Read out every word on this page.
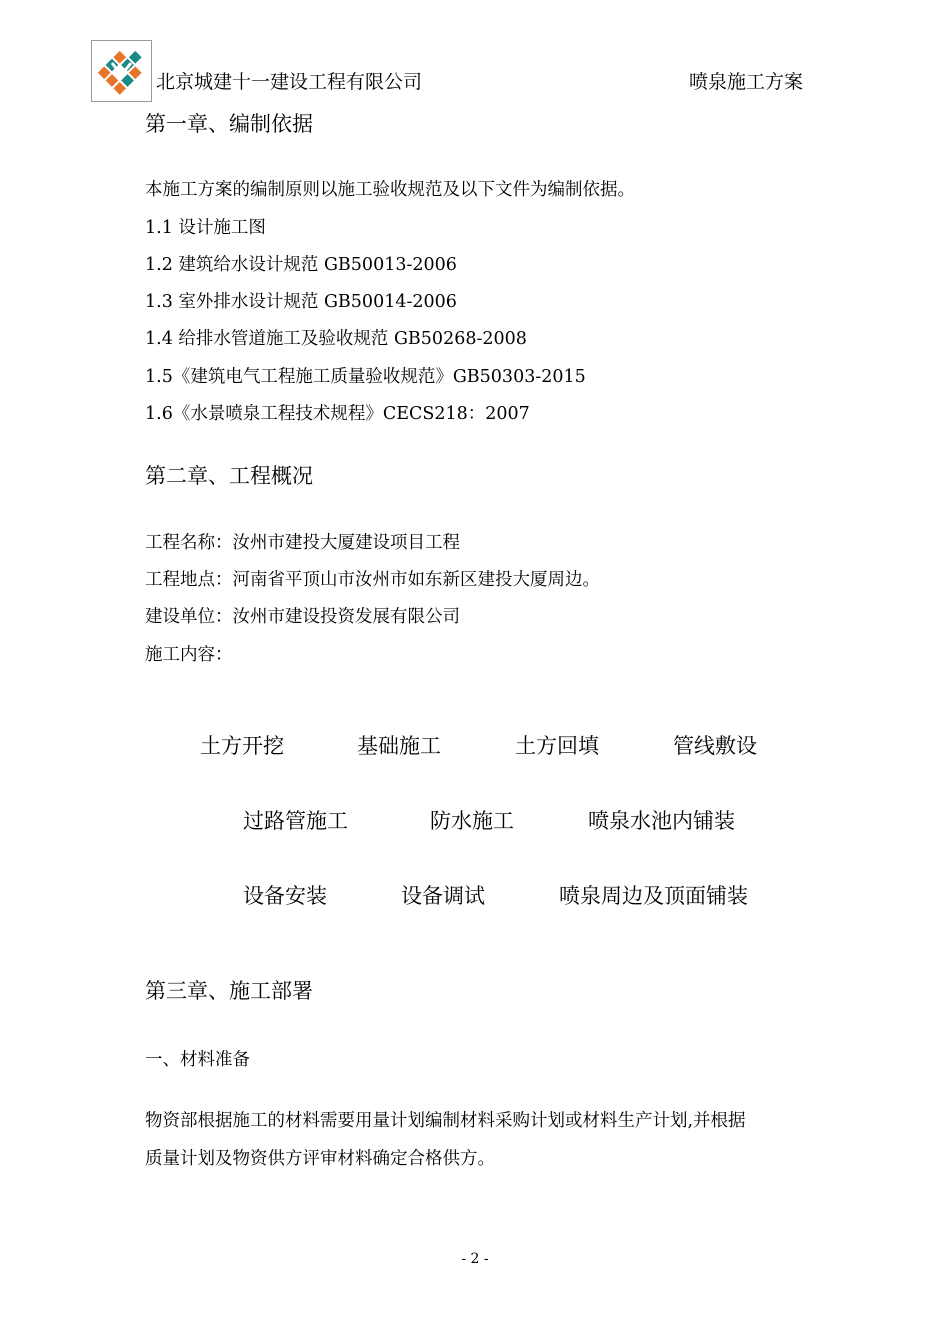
北京城建十一建设工程有限公司	喷泉施工方案
第一章、编制依据
本施工方案的编制原则以施工验收规范及以下文件为编制依据。
1.1 设计施工图
1.2 建筑给水设计规范 GB50013-2006
1.3 室外排水设计规范 GB50014-2006
1.4 给排水管道施工及验收规范 GB50268-2008
1.5《建筑电气工程施工质量验收规范》GB50303-2015
1.6《水景喷泉工程技术规程》CECS218：2007
第二章、工程概况
工程名称：汝州市建投大厦建设项目工程
工程地点：河南省平顶山市汝州市如东新区建投大厦周边。
建设单位：汝州市建设投资发展有限公司
施工内容：
土方开挖	基础施工	土方回填	管线敷设
过路管施工	防水施工	喷泉水池内铺装
设备安装	设备调试	喷泉周边及顶面铺装
第三章、施工部署
一、材料准备
物资部根据施工的材料需要用量计划编制材料采购计划或材料生产计划,并根据
质量计划及物资供方评审材料确定合格供方。
- 2 -
